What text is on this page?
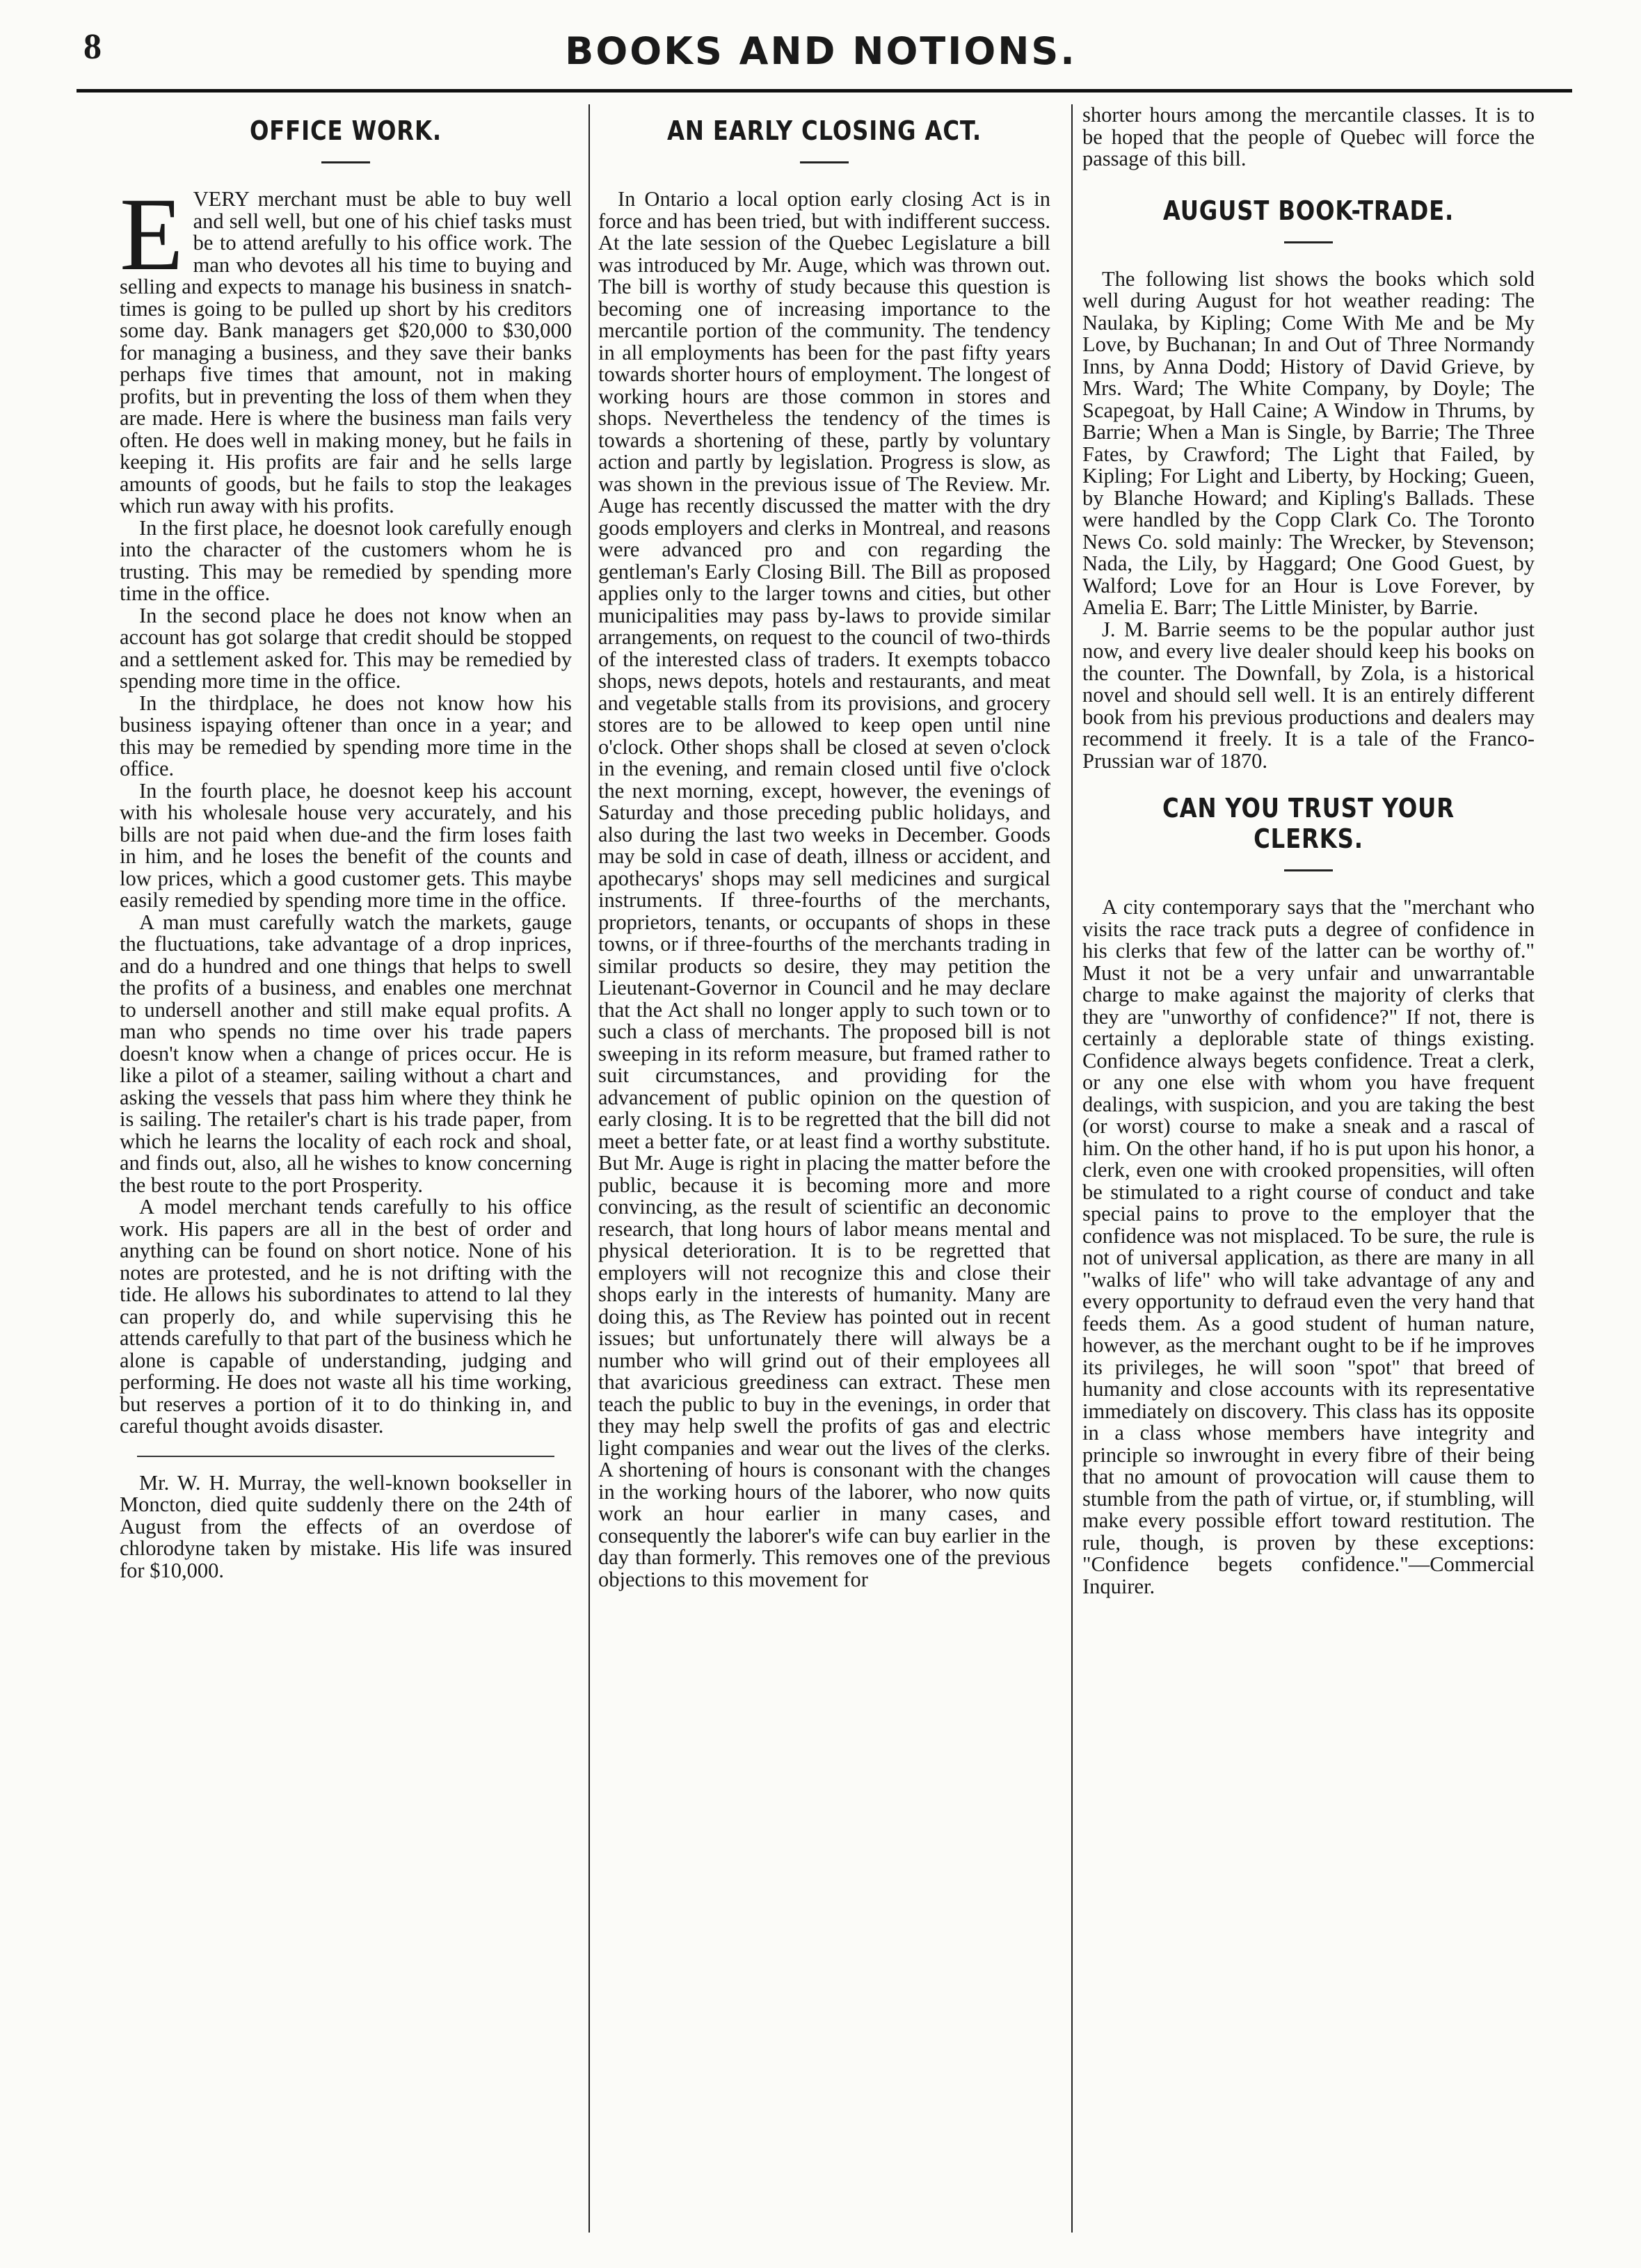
8	BOOKS AND NOTIONS.
OFFICE WORK.

EVERY merchant must be able to buy well and sell well, but one of his chief tasks must be to attend arefully to his office work. The man who devotes all his time to buying and selling and expects to manage his business in snatch-times is going to be pulled up short by his creditors some day. Bank managers get $20,000 to $30,000 for managing a business, and they save their banks perhaps five times that amount, not in making profits, but in preventing the loss of them when they are made. Here is where the business man fails very often. He does well in making money, but he fails in keeping it. His profits are fair and he sells large amounts of goods, but he fails to stop the leakages which run away with his profits.

In the first place, he doesnot look carefully enough into the character of the customers whom he is trusting. This may be remedied by spending more time in the office.

In the second place he does not know when an account has got solarge that credit should be stopped and a settlement asked for. This may be remedied by spending more time in the office.

In the thirdplace, he does not know how his business ispaying oftener than once in a year; and this may be remedied by spending more time in the office.

In the fourth place, he doesnot keep his account with his wholesale house very accurately, and his bills are not paid when due-and the firm loses faith in him, and he loses the benefit of the counts and low prices, which a good customer gets. This maybe easily remedied by spending more time in the office.

A man must carefully watch the markets, gauge the fluctuations, take advantage of a drop inprices, and do a hundred and one things that helps to swell the profits of a business, and enables one merchnat to undersell another and still make equal profits. A man who spends no time over his trade papers doesn't know when a change of prices occur. He is like a pilot of a steamer, sailing without a chart and asking the vessels that pass him where they think he is sailing. The retailer's chart is his trade paper, from which he learns the locality of each rock and shoal, and finds out, also, all he wishes to know concerning the best route to the port Prosperity.

A model merchant tends carefully to his office work. His papers are all in the best of order and anything can be found on short notice. None of his notes are protested, and he is not drifting with the tide. He allows his subordinates to attend to lal they can properly do, and while supervising this he attends carefully to that part of the business which he alone is capable of understanding, judging and performing. He does not waste all his time working, but reserves a portion of it to do thinking in, and careful thought avoids disaster.

Mr. W. H. Murray, the well-known bookseller in Moncton, died quite suddenly there on the 24th of August from the effects of an overdose of chlorodyne taken by mistake. His life was insured for $10,000.

AN EARLY CLOSING ACT.

In Ontario a local option early closing Act is in force and has been tried, but with indifferent success. At the late session of the Quebec Legislature a bill was introduced by Mr. Auge, which was thrown out. The bill is worthy of study because this question is becoming one of increasing importance to the mercantile portion of the community. The tendency in all employments has been for the past fifty years towards shorter hours of employment. The longest of working hours are those common in stores and shops. Nevertheless the tendency of the times is towards a shortening of these, partly by voluntary action and partly by legislation. Progress is slow, as was shown in the previous issue of The Review. Mr. Auge has recently discussed the matter with the dry goods employers and clerks in Montreal, and reasons were advanced pro and con regarding the gentleman's Early Closing Bill. The Bill as proposed applies only to the larger towns and cities, but other municipalities may pass by-laws to provide similar arrangements, on request to the council of two-thirds of the interested class of traders. It exempts tobacco shops, news depots, hotels and restaurants, and meat and vegetable stalls from its provisions, and grocery stores are to be allowed to keep open until nine o'clock. Other shops shall be closed at seven o'clock in the evening, and remain closed until five o'clock the next morning, except, however, the evenings of Saturday and those preceding public holidays, and also during the last two weeks in December. Goods may be sold in case of death, illness or accident, and apothecarys' shops may sell medicines and surgical instruments. If three-fourths of the merchants, proprietors, tenants, or occupants of shops in these towns, or if three-fourths of the merchants trading in similar products so desire, they may petition the Lieutenant-Governor in Council and he may declare that the Act shall no longer apply to such town or to such a class of merchants. The proposed bill is not sweeping in its reform measure, but framed rather to suit circumstances, and providing for the advancement of public opinion on the question of early closing. It is to be regretted that the bill did not meet a better fate, or at least find a worthy substitute. But Mr. Auge is right in placing the matter before the public, because it is becoming more and more convincing, as the result of scientific an deconomic research, that long hours of labor means mental and physical deterioration. It is to be regretted that employers will not recognize this and close their shops early in the interests of humanity. Many are doing this, as The Review has pointed out in recent issues; but unfortunately there will always be a number who will grind out of their employees all that avaricious greediness can extract. These men teach the public to buy in the evenings, in order that they may help swell the profits of gas and electric light companies and wear out the lives of the clerks. A shortening of hours is consonant with the changes in the working hours of the laborer, who now quits work an hour earlier in many cases, and consequently the laborer's wife can buy earlier in the day than formerly. This removes one of the previous objections to this movement for

shorter hours among the mercantile classes. It is to be hoped that the people of Quebec will force the passage of this bill.

AUGUST BOOK-TRADE.

The following list shows the books which sold well during August for hot weather reading: The Naulaka, by Kipling; Come With Me and be My Love, by Buchanan; In and Out of Three Normandy Inns, by Anna Dodd; History of David Grieve, by Mrs. Ward; The White Company, by Doyle; The Scapegoat, by Hall Caine; A Window in Thrums, by Barrie; When a Man is Single, by Barrie; The Three Fates, by Crawford; The Light that Failed, by Kipling; For Light and Liberty, by Hocking; Gueen, by Blanche Howard; and Kipling's Ballads. These were handled by the Copp Clark Co. The Toronto News Co. sold mainly: The Wrecker, by Stevenson; Nada, the Lily, by Haggard; One Good Guest, by Walford; Love for an Hour is Love Forever, by Amelia E. Barr; The Little Minister, by Barrie.

J. M. Barrie seems to be the popular author just now, and every live dealer should keep his books on the counter. The Downfall, by Zola, is a historical novel and should sell well. It is an entirely different book from his previous productions and dealers may recommend it freely. It is a tale of the Franco-Prussian war of 1870.

CAN YOU TRUST YOUR CLERKS.

A city contemporary says that the "merchant who visits the race track puts a degree of confidence in his clerks that few of the latter can be worthy of." Must it not be a very unfair and unwarrantable charge to make against the majority of clerks that they are "unworthy of confidence?" If not, there is certainly a deplorable state of things existing. Confidence always begets confidence. Treat a clerk, or any one else with whom you have frequent dealings, with suspicion, and you are taking the best (or worst) course to make a sneak and a rascal of him. On the other hand, if ho is put upon his honor, a clerk, even one with crooked propensities, will often be stimulated to a right course of conduct and take special pains to prove to the employer that the confidence was not misplaced. To be sure, the rule is not of universal application, as there are many in all "walks of life" who will take advantage of any and every opportunity to defraud even the very hand that feeds them. As a good student of human nature, however, as the merchant ought to be if he improves its privileges, he will soon "spot" that breed of humanity and close accounts with its representative immediately on discovery. This class has its opposite in a class whose members have integrity and principle so inwrought in every fibre of their being that no amount of provocation will cause them to stumble from the path of virtue, or, if stumbling, will make every possible effort toward restitution. The rule, though, is proven by these exceptions: "Confidence begets confidence."—Commercial Inquirer.
